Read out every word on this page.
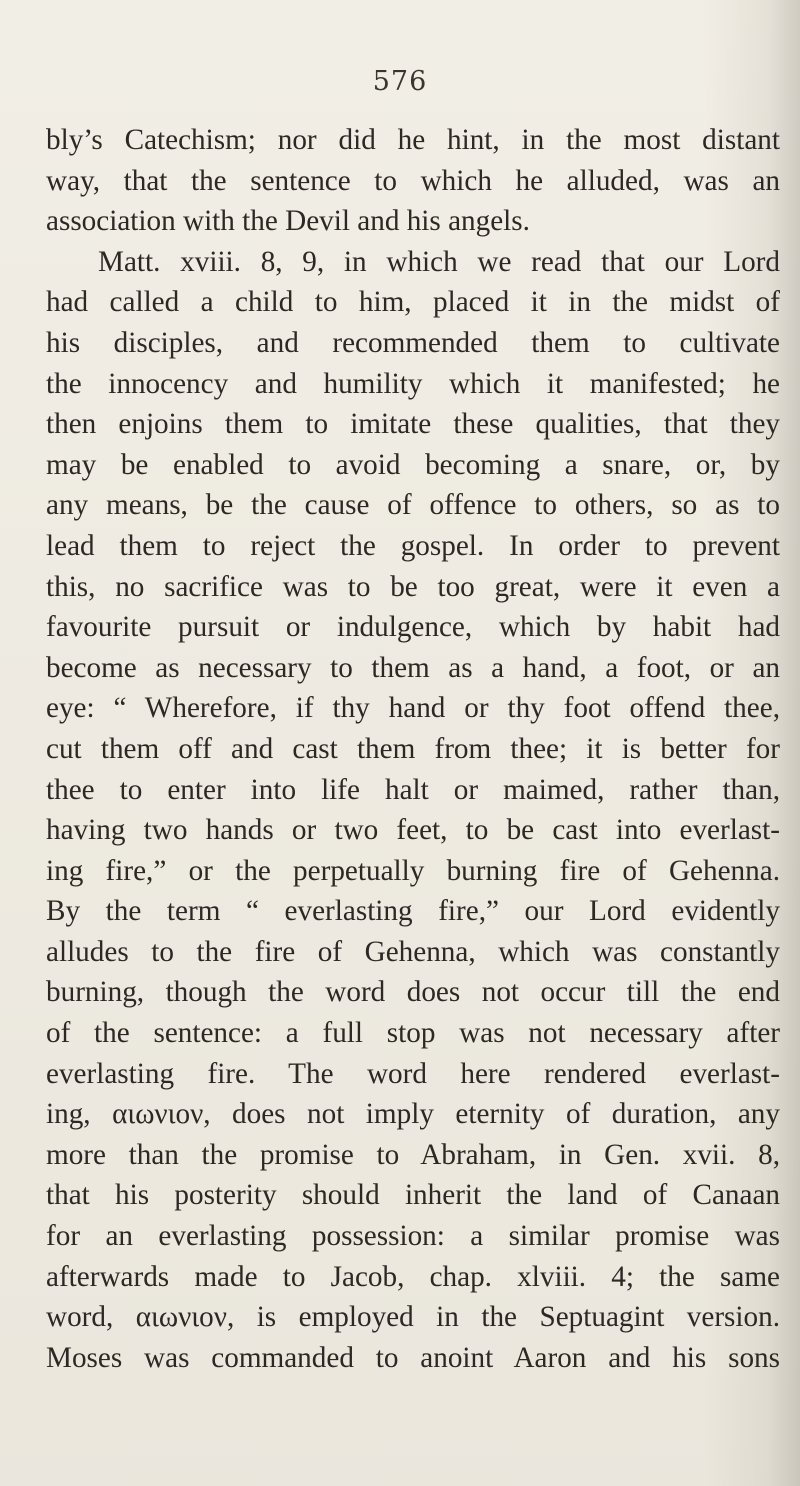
576
bly’s Catechism; nor did he hint, in the most distant
way, that the sentence to which he alluded, was an
association with the Devil and his angels.
Matt. xviii. 8, 9, in which we read that our Lord
had called a child to him, placed it in the midst of
his disciples, and recommended them to cultivate
the innocency and humility which it manifested; he
then enjoins them to imitate these qualities, that they
may be enabled to avoid becoming a snare, or, by
any means, be the cause of offence to others, so as to
lead them to reject the gospel. In order to prevent
this, no sacrifice was to be too great, were it even a
favourite pursuit or indulgence, which by habit had
become as necessary to them as a hand, a foot, or an
eye: “ Wherefore, if thy hand or thy foot offend thee,
cut them off and cast them from thee; it is better for
thee to enter into life halt or maimed, rather than,
having two hands or two feet, to be cast into everlast-
ing fire,” or the perpetually burning fire of Gehenna.
By the term “ everlasting fire,” our Lord evidently
alludes to the fire of Gehenna, which was constantly
burning, though the word does not occur till the end
of the sentence: a full stop was not necessary after
everlasting fire. The word here rendered everlast-
ing, αιωνιον, does not imply eternity of duration, any
more than the promise to Abraham, in Gen. xvii. 8,
that his posterity should inherit the land of Canaan
for an everlasting possession: a similar promise was
afterwards made to Jacob, chap. xlviii. 4; the same
word, αιωνιον, is employed in the Septuagint version.
Moses was commanded to anoint Aaron and his sons
